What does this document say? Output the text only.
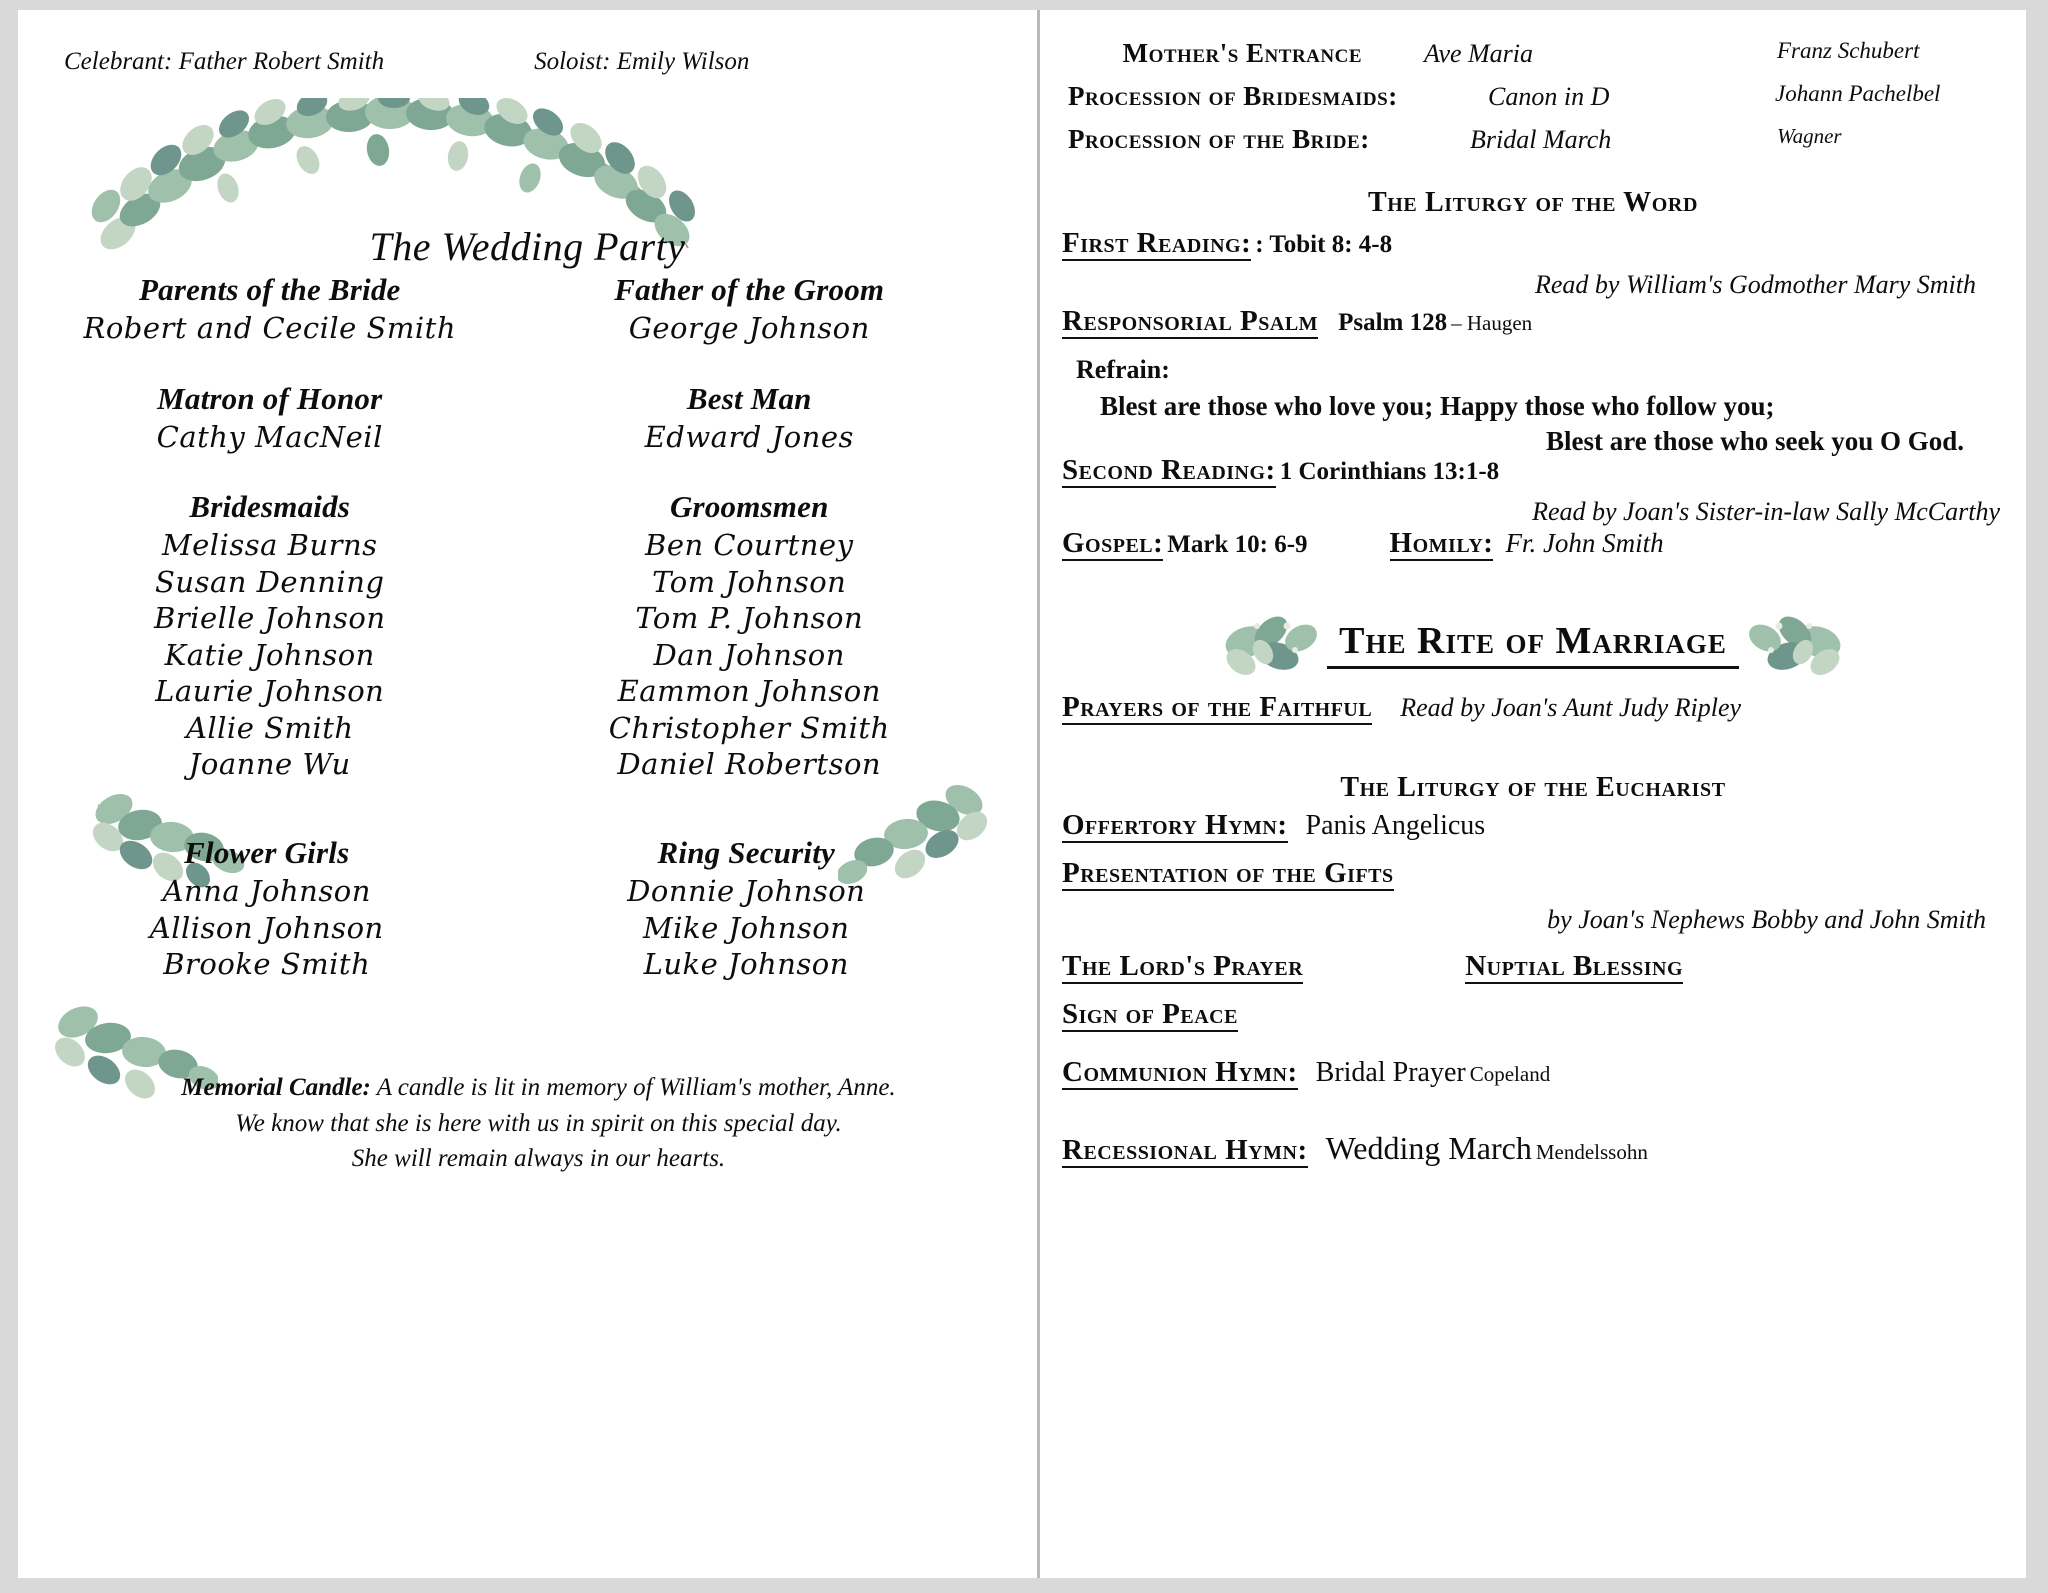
Celebrant: Father Robert Smith	Soloist: Emily Wilson
The Wedding Party
Parents of the Bride
Robert and Cecile Smith
Matron of Honor
Cathy MacNeil
Bridesmaids
Melissa Burns
Susan Denning
Brielle Johnson
Katie Johnson
Laurie Johnson
Allie Smith
Joanne Wu
Father of the Groom
George Johnson
Best Man
Edward Jones
Groomsmen
Ben Courtney
Tom Johnson
Tom P. Johnson
Dan Johnson
Eammon Johnson
Christopher Smith
Daniel Robertson
Flower Girls
Anna Johnson
Allison Johnson
Brooke Smith
Ring Security
Donnie Johnson
Mike Johnson
Luke Johnson
Memorial Candle: A candle is lit in memory of William's mother, Anne.
We know that she is here with us in spirit on this special day.
She will remain always in our hearts.
Mother's Entrance Ave Maria	Franz Schubert
Procession of Bridesmaids:	Canon in D	Johann Pachelbel
Procession of the Bride:	Bridal March	Wagner
The Liturgy of the Word
First Reading: : Tobit 8: 4-8
Read by William's Godmother Mary Smith
Responsorial Psalm Psalm 128 – Haugen
Refrain:
Blest are those who love you; Happy those who follow you;
Blest are those who seek you O God.
Second Reading: 1 Corinthians 13:1-8
Read by Joan's Sister-in-law Sally McCarthy
Gospel: Mark 10: 6-9	Homily: Fr. John Smith
The Rite of Marriage
Prayers of the Faithful Read by Joan's Aunt Judy Ripley
The Liturgy of the Eucharist
Offertory Hymn: Panis Angelicus
Presentation of the Gifts
by Joan's Nephews Bobby and John Smith
The Lord's Prayer	Nuptial Blessing
Sign of Peace
Communion Hymn: Bridal Prayer Copeland
Recessional Hymn: Wedding March Mendelssohn
